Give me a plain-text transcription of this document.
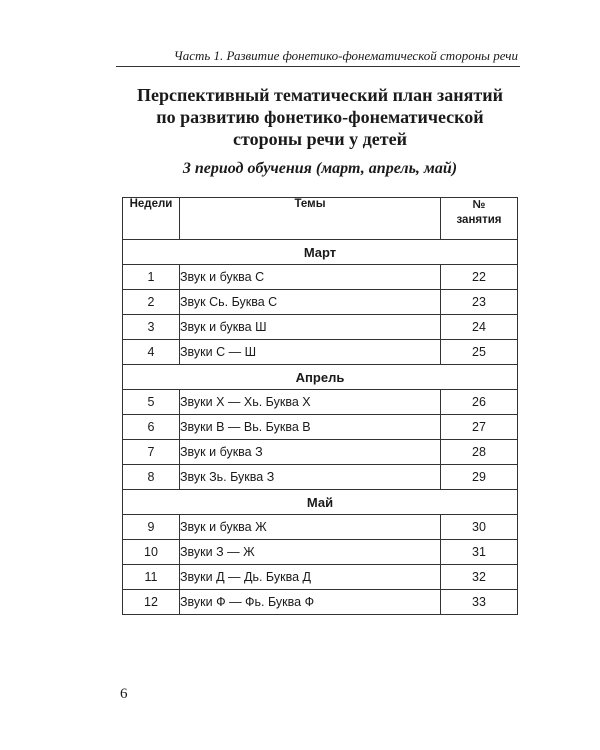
Часть 1. Развитие фонетико-фонематической стороны речи
Перспективный тематический план занятий
по развитию фонетико-фонематической
стороны речи у детей
3 период обучения (март, апрель, май)
Недели	Темы	№
занятия

Март		
1	Звук и буква С	22
2	Звук Сь. Буква С	23
3	Звук и буква Ш	24
4	Звуки С — Ш	25
Апрель		
5	Звуки Х — Хь. Буква Х	26
6	Звуки В — Вь. Буква В	27
7	Звук и буква З	28
8	Звук Зь. Буква З	29
Май		
9	Звук и буква Ж	30
10	Звуки З — Ж	31
11	Звуки Д — Дь. Буква Д	32
12	Звуки Ф — Фь. Буква Ф	33
6
